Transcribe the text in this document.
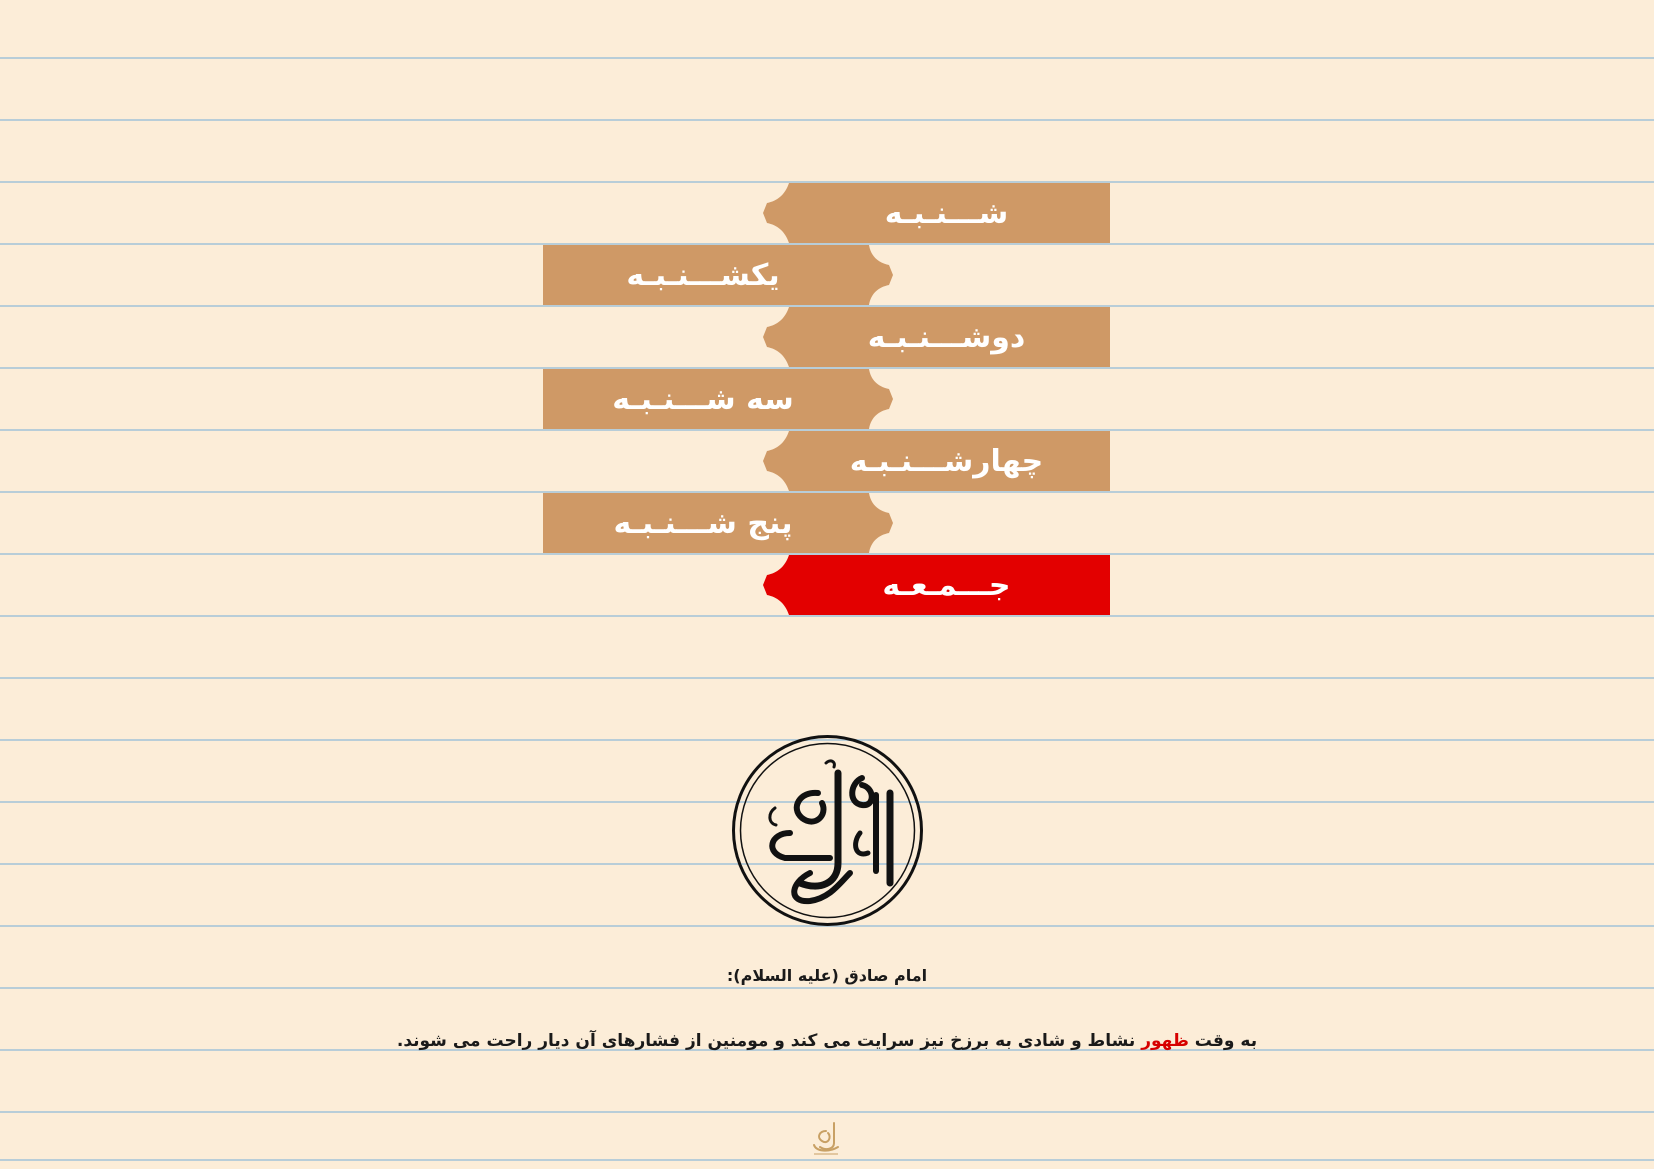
شـــنـبـه
یکشـــنـبـه
دوشـــنـبـه
سه شـــنـبـه
چهارشـــنـبـه
پنج شـــنـبـه
جـــمـعـه
امام صادق (علیه السلام):
به وقت ظهور نشاط و شادی به برزخ نیز سرایت می کند و مومنین از فشارهای آن دیار راحت می شوند.
